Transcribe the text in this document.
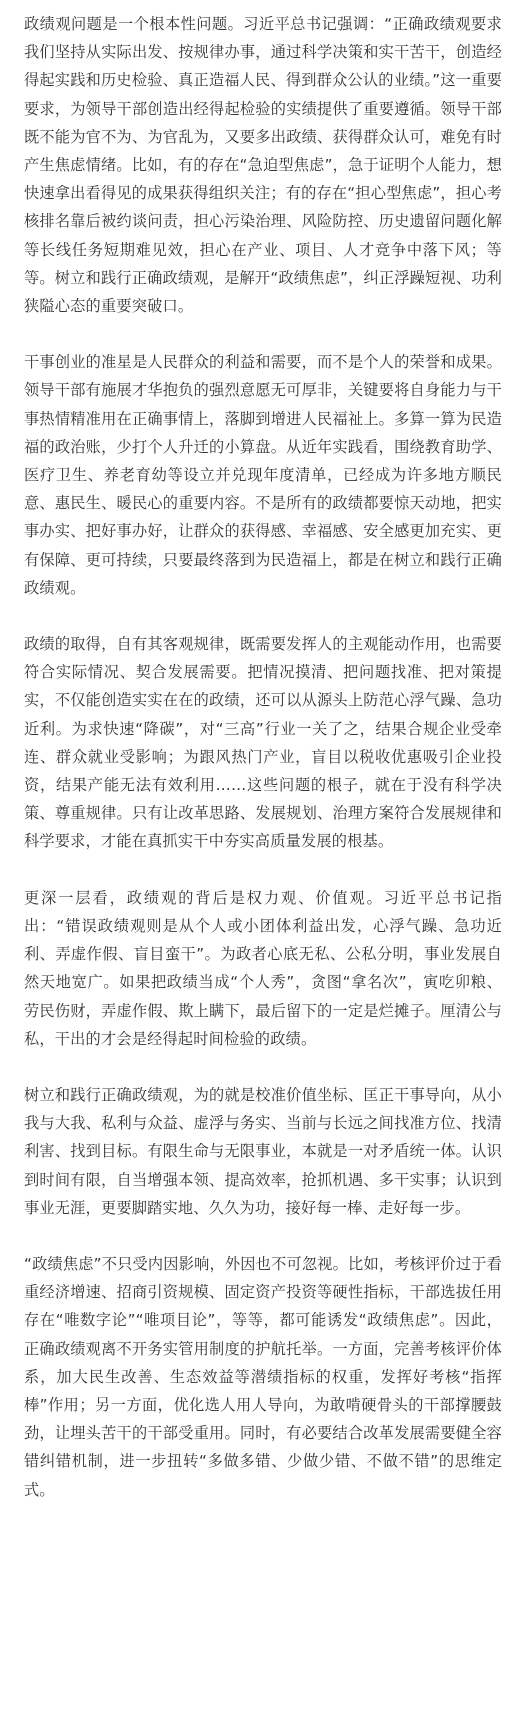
政绩观问题是一个根本性问题。习近平总书记强调：“正确政绩观要求我们坚持从实际出发、按规律办事，通过科学决策和实干苦干，创造经得起实践和历史检验、真正造福人民、得到群众公认的业绩。”这一重要要求，为领导干部创造出经得起检验的实绩提供了重要遵循。领导干部既不能为官不为、为官乱为，又要多出政绩、获得群众认可，难免有时产生焦虑情绪。比如，有的存在“急迫型焦虑”，急于证明个人能力，想快速拿出看得见的成果获得组织关注；有的存在“担心型焦虑”，担心考核排名靠后被约谈问责，担心污染治理、风险防控、历史遗留问题化解等长线任务短期难见效，担心在产业、项目、人才竞争中落下风；等等。树立和践行正确政绩观，是解开“政绩焦虑”，纠正浮躁短视、功利狭隘心态的重要突破口。

干事创业的准星是人民群众的利益和需要，而不是个人的荣誉和成果。领导干部有施展才华抱负的强烈意愿无可厚非，关键要将自身能力与干事热情精准用在正确事情上，落脚到增进人民福祉上。多算一算为民造福的政治账，少打个人升迁的小算盘。从近年实践看，围绕教育助学、医疗卫生、养老育幼等设立并兑现年度清单，已经成为许多地方顺民意、惠民生、暖民心的重要内容。不是所有的政绩都要惊天动地，把实事办实、把好事办好，让群众的获得感、幸福感、安全感更加充实、更有保障、更可持续，只要最终落到为民造福上，都是在树立和践行正确政绩观。

政绩的取得，自有其客观规律，既需要发挥人的主观能动作用，也需要符合实际情况、契合发展需要。把情况摸清、把问题找准、把对策提实，不仅能创造实实在在的政绩，还可以从源头上防范心浮气躁、急功近利。为求快速“降碳”，对“三高”行业一关了之，结果合规企业受牵连、群众就业受影响；为跟风热门产业，盲目以税收优惠吸引企业投资，结果产能无法有效利用……这些问题的根子，就在于没有科学决策、尊重规律。只有让改革思路、发展规划、治理方案符合发展规律和科学要求，才能在真抓实干中夯实高质量发展的根基。

更深一层看，政绩观的背后是权力观、价值观。习近平总书记指出：“错误政绩观则是从个人或小团体利益出发，心浮气躁、急功近利、弄虚作假、盲目蛮干”。为政者心底无私、公私分明，事业发展自然天地宽广。如果把政绩当成“个人秀”，贪图“拿名次”，寅吃卯粮、劳民伤财，弄虚作假、欺上瞒下，最后留下的一定是烂摊子。厘清公与私，干出的才会是经得起时间检验的政绩。

树立和践行正确政绩观，为的就是校准价值坐标、匡正干事导向，从小我与大我、私利与众益、虚浮与务实、当前与长远之间找准方位、找清利害、找到目标。有限生命与无限事业，本就是一对矛盾统一体。认识到时间有限，自当增强本领、提高效率，抢抓机遇、多干实事；认识到事业无涯，更要脚踏实地、久久为功，接好每一棒、走好每一步。

“政绩焦虑”不只受内因影响，外因也不可忽视。比如，考核评价过于看重经济增速、招商引资规模、固定资产投资等硬性指标，干部选拔任用存在“唯数字论”“唯项目论”，等等，都可能诱发“政绩焦虑”。因此，正确政绩观离不开务实管用制度的护航托举。一方面，完善考核评价体系，加大民生改善、生态效益等潜绩指标的权重，发挥好考核“指挥棒”作用；另一方面，优化选人用人导向，为敢啃硬骨头的干部撑腰鼓劲，让埋头苦干的干部受重用。同时，有必要结合改革发展需要健全容错纠错机制，进一步扭转“多做多错、少做少错、不做不错”的思维定式。
